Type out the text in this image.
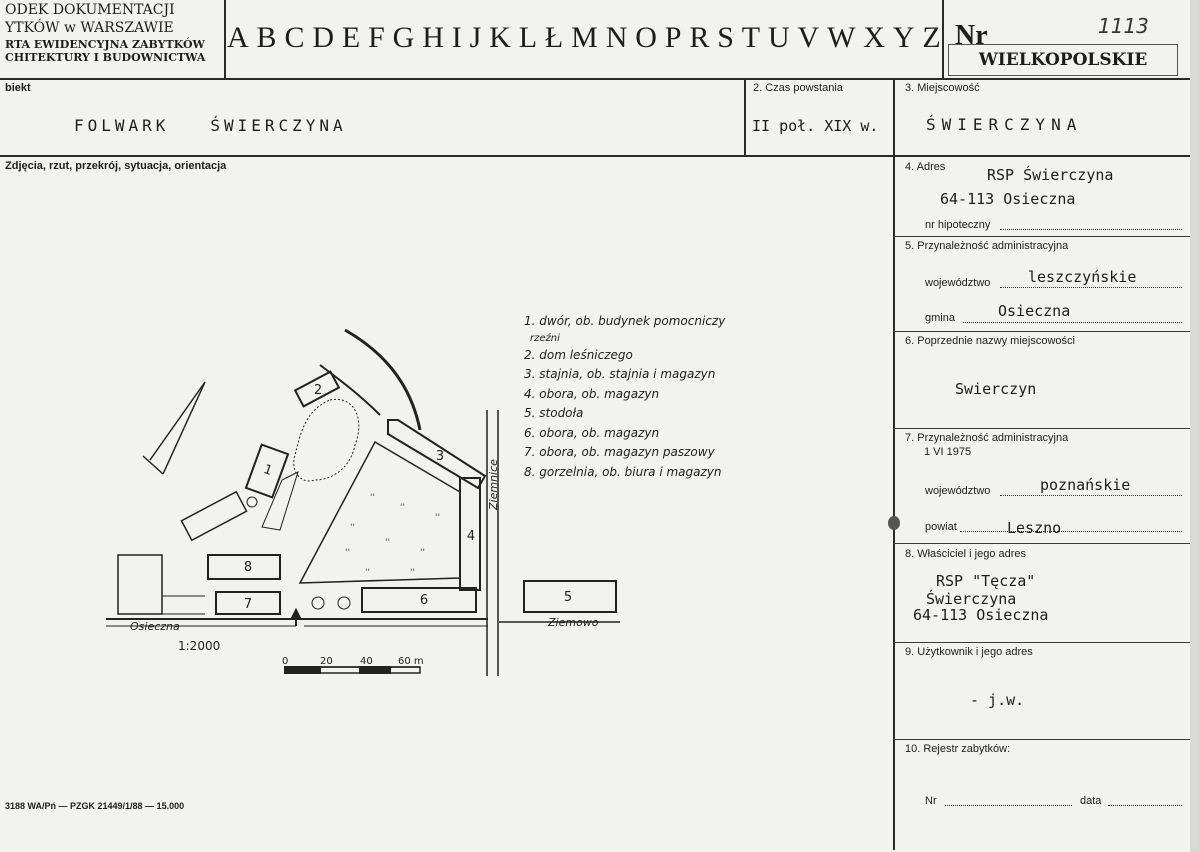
ODEK DOKUMENTACJI
YTKÓW w WARSZAWIE
RTA EWIDENCYJNA ZABYTKÓW
CHITEKTURY I BUDOWNICTWA
A B C D E F G H I J K L Ł M N O P R S T U V W X Y Z Nr	1113
WIELKOPOLSKIE
biekt
FOLWARK   ŚWIERCZYNA
2. Czas powstania
II poł. XIX w.
3. Miejscowość
ŚWIERCZYNA
Zdjęcia, rzut, przekrój, sytuacja, orientacja
1
2
3
4
5
6
7
8
''
''
''
''
''
''
''
''
''
Osieczna	Ziemowo
Ziemnice
1:2000
0	20	40	60 m
1. dwór, ob. budynek pomocniczy
rzeźni
2. dom leśniczego
3. stajnia, ob. stajnia i magazyn
4. obora, ob. magazyn
5. stodoła
6. obora, ob. magazyn
7. obora, ob. magazyn paszowy
8. gorzelnia, ob. biura i magazyn
3188 WA/Pń — PZGK 21449/1/88 — 15.000
4. Adres	RSP Świerczyna
64-113 Osieczna
nr hipoteczny
5. Przynależność administracyjna
województwo	leszczyńskie
gmina	Osieczna
6. Poprzednie nazwy miejscowości
Swierczyn
7. Przynależność administracyjna
1 VI 1975
województwo	poznańskie
powiat	Leszno
8. Właściciel i jego adres
RSP "Tęcza"
Świerczyna
64-113 Osieczna
9. Użytkownik i jego adres
- j.w.
10. Rejestr zabytków:
Nr	data
